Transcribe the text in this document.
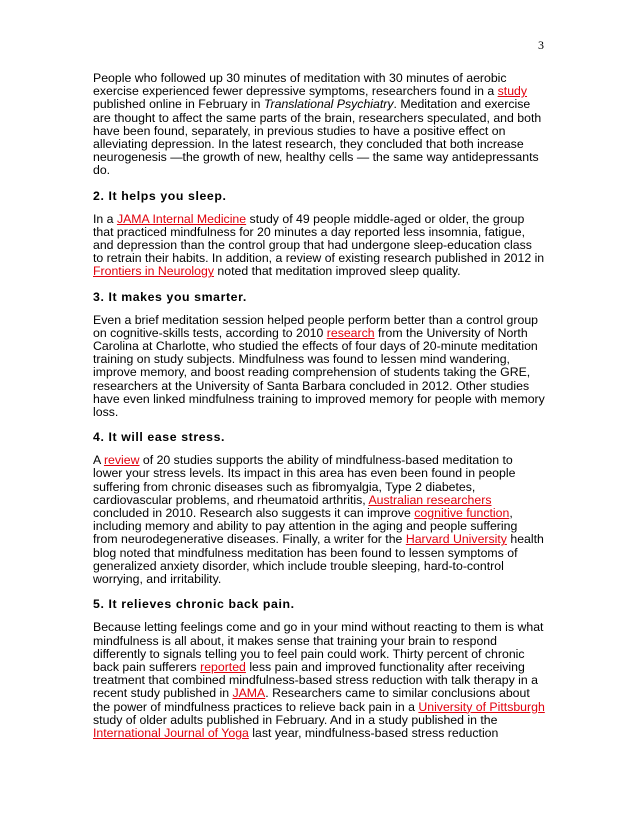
3

People who followed up 30 minutes of meditation with 30 minutes of aerobic exercise experienced fewer depressive symptoms, researchers found in a study published online in February in Translational Psychiatry. Meditation and exercise are thought to affect the same parts of the brain, researchers speculated, and both have been found, separately, in previous studies to have a positive effect on alleviating depression. In the latest research, they concluded that both increase neurogenesis —the growth of new, healthy cells — the same way antidepressants do.

2. It helps you sleep.

In a JAMA Internal Medicine study of 49 people middle-aged or older, the group that practiced mindfulness for 20 minutes a day reported less insomnia, fatigue, and depression than the control group that had undergone sleep-education class to retrain their habits. In addition, a review of existing research published in 2012 in Frontiers in Neurology noted that meditation improved sleep quality.

3. It makes you smarter.

Even a brief meditation session helped people perform better than a control group on cognitive-skills tests, according to 2010 research from the University of North Carolina at Charlotte, who studied the effects of four days of 20-minute meditation training on study subjects. Mindfulness was found to lessen mind wandering, improve memory, and boost reading comprehension of students taking the GRE, researchers at the University of Santa Barbara concluded in 2012. Other studies have even linked mindfulness training to improved memory for people with memory loss.

4. It will ease stress.

A review of 20 studies supports the ability of mindfulness-based meditation to lower your stress levels. Its impact in this area has even been found in people suffering from chronic diseases such as fibromyalgia, Type 2 diabetes, cardiovascular problems, and rheumatoid arthritis, Australian researchers concluded in 2010. Research also suggests it can improve cognitive function, including memory and ability to pay attention in the aging and people suffering from neurodegenerative diseases. Finally, a writer for the Harvard University health blog noted that mindfulness meditation has been found to lessen symptoms of generalized anxiety disorder, which include trouble sleeping, hard-to-control worrying, and irritability.

5. It relieves chronic back pain.

Because letting feelings come and go in your mind without reacting to them is what mindfulness is all about, it makes sense that training your brain to respond differently to signals telling you to feel pain could work. Thirty percent of chronic back pain sufferers reported less pain and improved functionality after receiving treatment that combined mindfulness-based stress reduction with talk therapy in a recent study published in JAMA. Researchers came to similar conclusions about the power of mindfulness practices to relieve back pain in a University of Pittsburgh study of older adults published in February. And in a study published in the International Journal of Yoga last year, mindfulness-based stress reduction
